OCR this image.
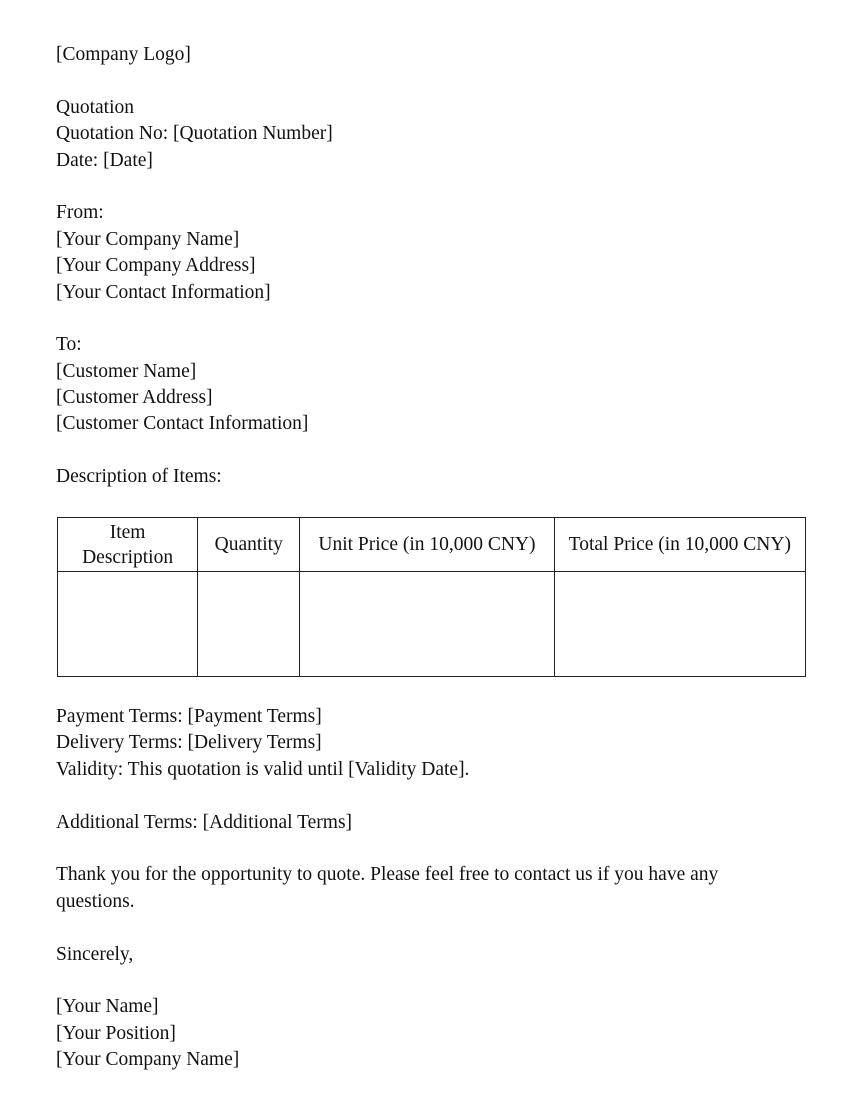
[Company Logo]
Quotation
Quotation No: [Quotation Number]
Date: [Date]
From:
[Your Company Name]
[Your Company Address]
[Your Contact Information]
To:
[Customer Name]
[Customer Address]
[Customer Contact Information]
Description of Items:
Item Description	Quantity	Unit Price (in 10,000 CNY)	Total Price (in 10,000 CNY)

Payment Terms: [Payment Terms]
Delivery Terms: [Delivery Terms]
Validity: This quotation is valid until [Validity Date].
Additional Terms: [Additional Terms]
Thank you for the opportunity to quote. Please feel free to contact us if you have any questions.
Sincerely,
[Your Name]
[Your Position]
[Your Company Name]
